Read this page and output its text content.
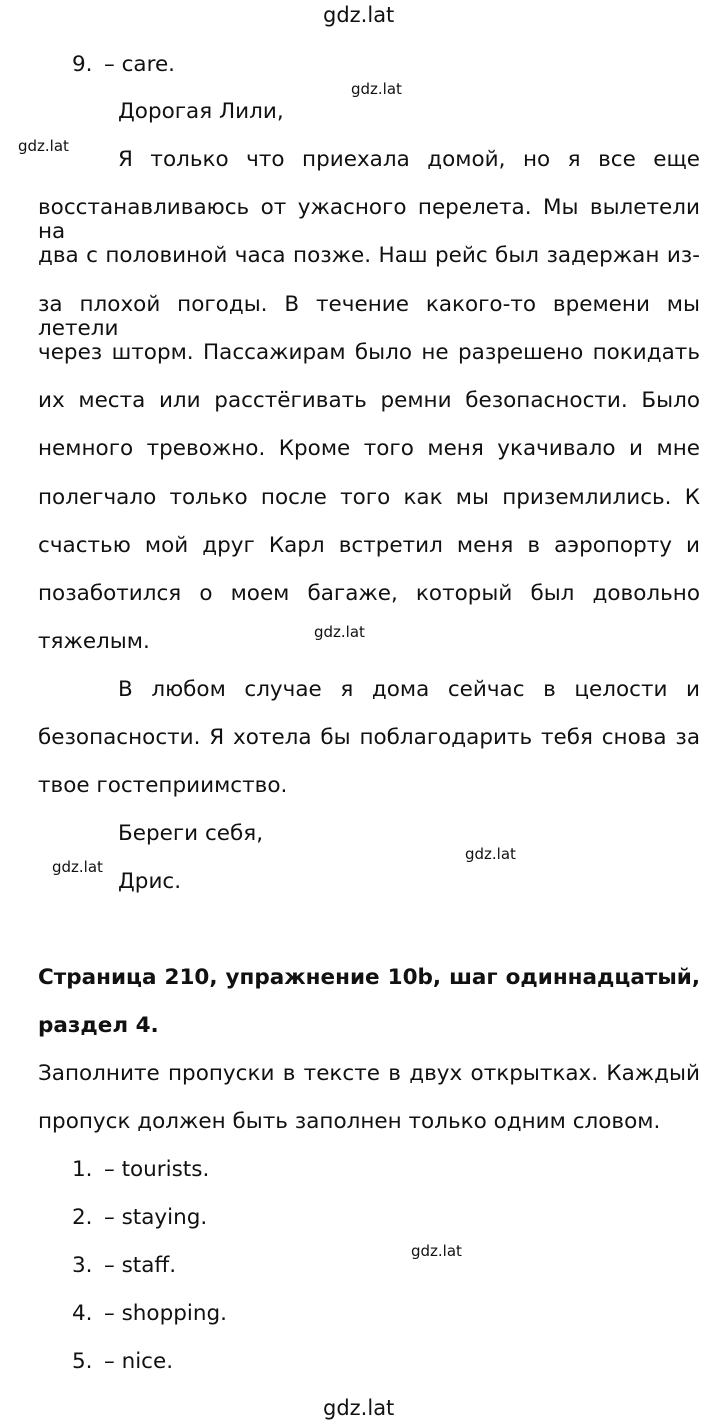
gdz.lat
gdz.lat
gdz.lat
gdz.lat
gdz.lat
gdz.lat
gdz.lat
gdz.lat
9. – care.
Дорогая Лили,
Я только что приехала домой, но я все еще
восстанавливаюсь от ужасного перелета. Мы вылетели на
два с половиной часа позже. Наш рейс был задержан из-
за плохой погоды. В течение какого-то времени мы летели
через шторм. Пассажирам было не разрешено покидать
их места или расстёгивать ремни безопасности. Было
немного тревожно. Кроме того меня укачивало и мне
полегчало только после того как мы приземлились. К
счастью мой друг Карл встретил меня в аэропорту и
позаботился о моем багаже, который был довольно
тяжелым.
В любом случае я дома сейчас в целости и
безопасности. Я хотела бы поблагодарить тебя снова за
твое гостеприимство.
Береги себя,
Дрис.
Страница 210, упражнение 10b, шаг одиннадцатый,
раздел 4.
Заполните пропуски в тексте в двух открытках. Каждый
пропуск должен быть заполнен только одним словом.
1. – tourists.
2. – staying.
3. – staff.
4. – shopping.
5. – nice.
